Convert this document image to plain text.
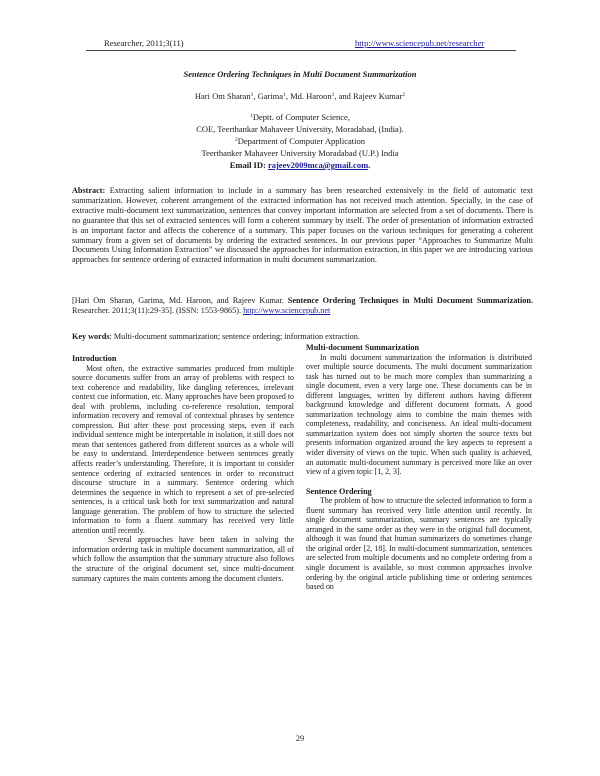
Researcher, 2011;3(11)	http://www.sciencepub.net/researcher
Sentence Ordering Techniques in Multi Document Summarization
Hari Om Sharan$^1$, Garima$^1$, Md. Haroon$^1$, and Rajeev Kumar$^2$
$^1$Deptt. of Computer Science,
COE, Teerthankar Mahaveer University, Moradabad, (India).
$^2$Department of Computer Application
Teerthanker Mahaveer University Moradabad (U.P.) India
Email ID: rajeev2009mca@gmail.com.
Abstract: Extracting salient information to include in a summary has been researched extensively in the field of automatic text summarization. However, coherent arrangement of the extracted information has not received much attention. Specially, in the case of extractive multi-document text summarization, sentences that convey important information are selected from a set of documents. There is no guarantee that this set of extracted sentences will form a coherent summary by itself. The order of presentation of information extracted is an important factor and affects the coherence of a summary. This paper focuses on the various techniques for generating a coherent summary from a given set of documents by ordering the extracted sentences. In our previous paper “Approaches to Summarize Multi Documents Using Information Extraction” we discussed the approaches for information extraction, in this paper we are introducing various approaches for sentence ordering of extracted information in multi document summarization.
[Hari Om Sharan, Garima, Md. Haroon, and Rajeev Kumar. Sentence Ordering Techniques in Multi Document Summarization. Researcher. 2011;3(11):29-35]. (ISSN: 1553-9865). http://www.sciencepub.net
Key words: Multi-document summarization; sentence ordering; information extraction.
Introduction

Most often, the extractive summaries produced from multiple source documents suffer from an array of problems with respect to text coherence and readability, like dangling references, irrelevant context cue information, etc. Many approaches have been proposed to deal with problems, including co-reference resolution, temporal information recovery and removal of contextual phrases by sentence compression. But after these post processing steps, even if each individual sentence might be interpretable in isolation, it still does not mean that sentences gathered from different sources as a whole will be easy to understand. Interdependence between sentences greatly affects reader’s understanding. Therefore, it is important to consider sentence ordering of extracted sentences in order to reconstruct discourse structure in a summary. Sentence ordering which determines the sequence in which to represent a set of pre-selected sentences, is a critical task both for text summarization and natural language generation. The problem of how to structure the selected information to form a fluent summary has received very little attention until recently.

Several approaches have been taken in solving the information ordering task in multiple document summarization, all of which follow the assumption that the summary structure also follows the structure of the original document set, since multi-document summary captures the main contents among the document clusters.

Multi-document Summarization

In multi document summarization the information is distributed over multiple source documents. The multi document summarization task has turned out to be much more complex than summarizing a single document, even a very large one. These documents can be in different languages, written by different authors having different background knowledge and different document formats. A good summarization technology aims to combine the main themes with completeness, readability, and conciseness. An ideal multi-document summarization system does not simply shorten the source texts but presents information organized around the key aspects to represent a wider diversity of views on the topic. When such quality is achieved, an automatic multi-document summary is perceived more like an over view of a given topic [1, 2, 3].

Sentence Ordering

The problem of how to structure the selected information to form a fluent summary has received very little attention until recently. In single document summarization, summary sentences are typically arranged in the same order as they were in the original full document, although it was found that human summarizers do sometimes change the original order [2, 18]. In multi-document summarization, sentences are selected from multiple documents and no complete ordering from a single document is available, so most common approaches involve ordering by the original article publishing time or ordering sentences based on

29
